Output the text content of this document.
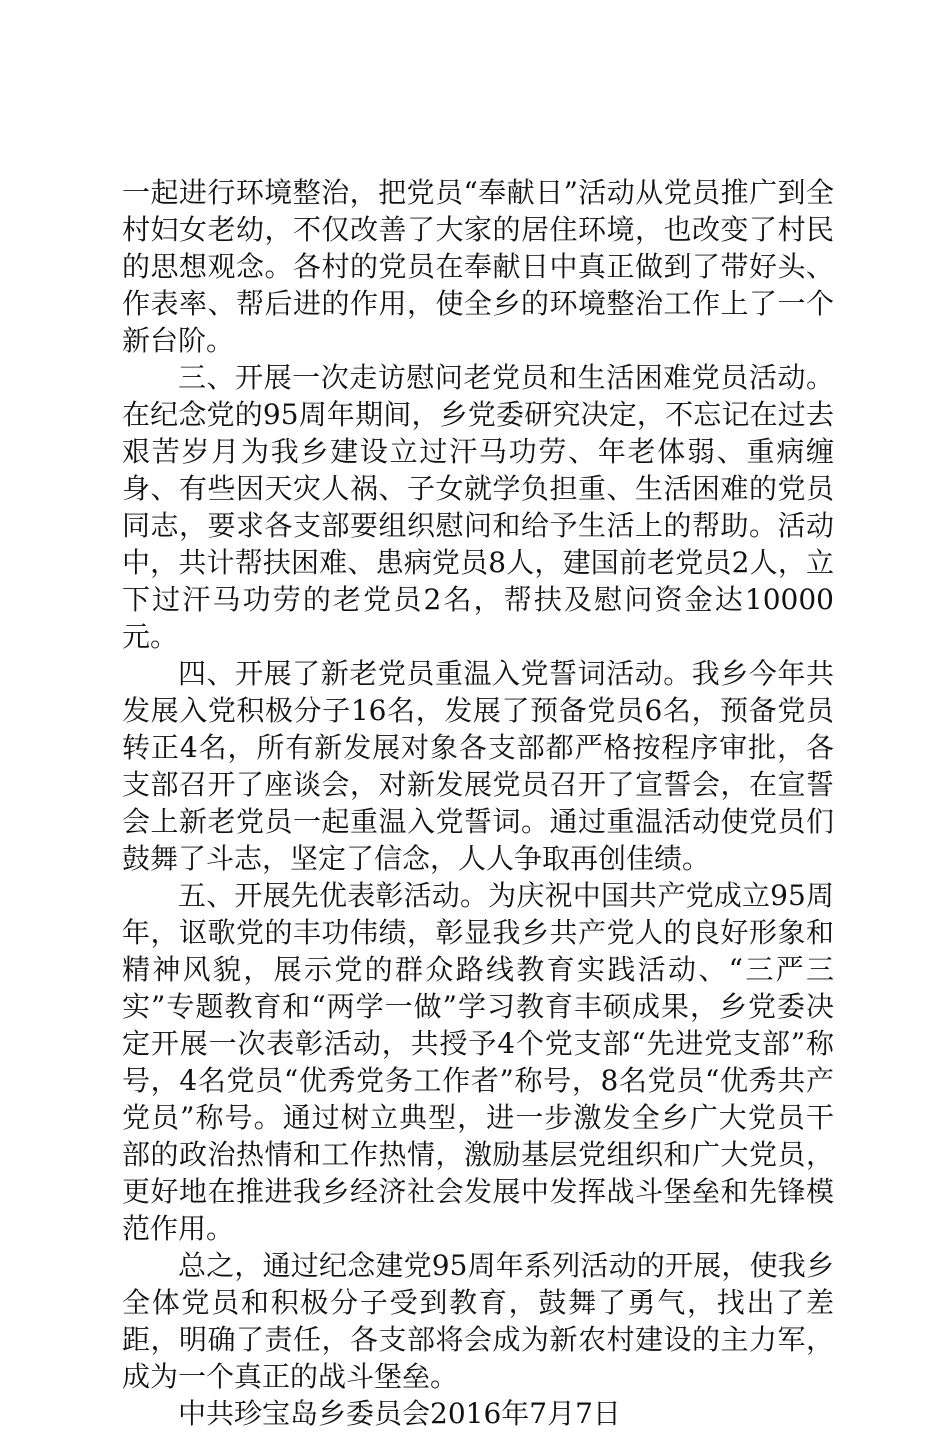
一起进行环境整治，把党员“奉献日”活动从党员推广到全村妇女老幼，不仅改善了大家的居住环境，也改变了村民的思想观念。各村的党员在奉献日中真正做到了带好头、作表率、帮后进的作用，使全乡的环境整治工作上了一个新台阶。

三、开展一次走访慰问老党员和生活困难党员活动。在纪念党的95周年期间，乡党委研究决定，不忘记在过去艰苦岁月为我乡建设立过汗马功劳、年老体弱、重病缠身、有些因天灾人祸、子女就学负担重、生活困难的党员同志，要求各支部要组织慰问和给予生活上的帮助。活动中，共计帮扶困难、患病党员8人，建国前老党员2人，立下过汗马功劳的老党员2名，帮扶及慰问资金达10000元。

四、开展了新老党员重温入党誓词活动。我乡今年共发展入党积极分子16名，发展了预备党员6名，预备党员转正4名，所有新发展对象各支部都严格按程序审批，各支部召开了座谈会，对新发展党员召开了宣誓会，在宣誓会上新老党员一起重温入党誓词。通过重温活动使党员们鼓舞了斗志，坚定了信念，人人争取再创佳绩。

五、开展先优表彰活动。为庆祝中国共产党成立95周年，讴歌党的丰功伟绩，彰显我乡共产党人的良好形象和精神风貌，展示党的群众路线教育实践活动、“三严三实”专题教育和“两学一做”学习教育丰硕成果，乡党委决定开展一次表彰活动，共授予4个党支部“先进党支部”称号，4名党员“优秀党务工作者”称号，8名党员“优秀共产党员”称号。通过树立典型，进一步激发全乡广大党员干部的政治热情和工作热情，激励基层党组织和广大党员，更好地在推进我乡经济社会发展中发挥战斗堡垒和先锋模范作用。

总之，通过纪念建党95周年系列活动的开展，使我乡全体党员和积极分子受到教育，鼓舞了勇气，找出了差距，明确了责任，各支部将会成为新农村建设的主力军，成为一个真正的战斗堡垒。

中共珍宝岛乡委员会2016年7月7日
